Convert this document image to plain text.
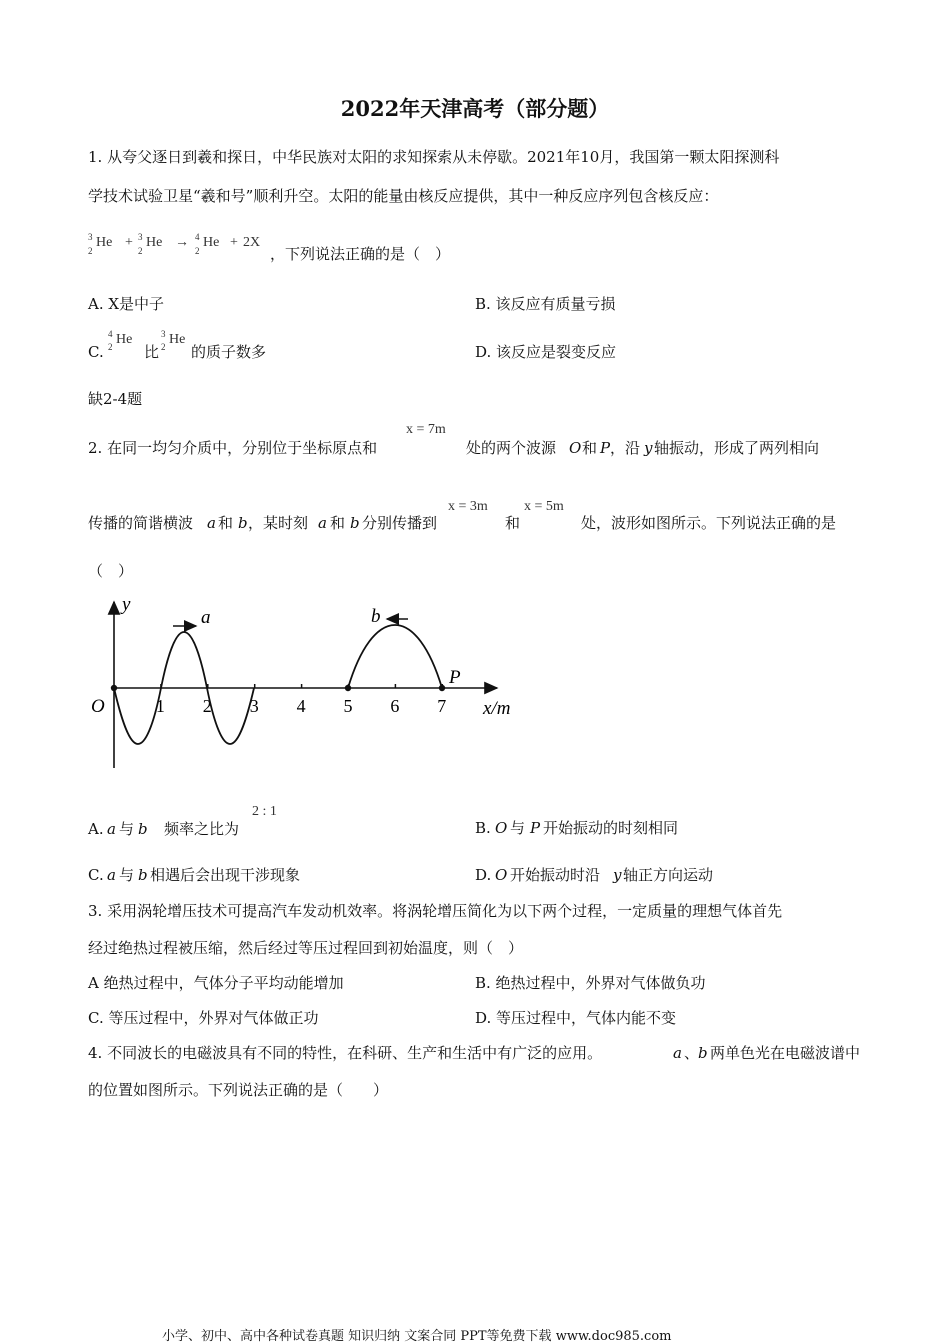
2022年天津高考（部分题）
1. 从夸父逐日到羲和探日，中华民族对太阳的求知探索从未停歇。2021年10月，我国第一颗太阳探测科
学技术试验卫星“羲和号”顺利升空。太阳的能量由核反应提供，其中一种反应序列包含核反应：
3
2
He + 3
2
He → 4
2
He + 2X
，下列说法正确的是（　）
A. X是中子	B. 该反应有质量亏损
C.
4
2 He
比
3
2 He
的质子数多	D. 该反应是裂变反应
缺2-4题
2. 在同一均匀介质中，分别位于坐标原点和
x = 7m
处的两个波源 O 和 P ，沿 y 轴振动，形成了两列相向
传播的简谐横波 a 和 b ，某时刻 a 和 b 分别传播到
x = 3m
和
x = 5m
处，波形如图所示。下列说法正确的是
（　）
1 2 3 4 5 6 7
y
x/m
O
a	b
P
A. a 与 b 频率之比为
2 : 1
B. O 与 P 开始振动的时刻相同
C. a 与 b 相遇后会出现干涉现象	D. O 开始振动时沿 y 轴正方向运动
3. 采用涡轮增压技术可提高汽车发动机效率。将涡轮增压简化为以下两个过程，一定质量的理想气体首先
经过绝热过程被压缩，然后经过等压过程回到初始温度，则（　）
A 绝热过程中，气体分子平均动能增加	B. 绝热过程中，外界对气体做负功
C. 等压过程中，外界对气体做正功	D. 等压过程中，气体内能不变
4. 不同波长的电磁波具有不同的特性，在科研、生产和生活中有广泛的应用。	a 、
b 两单色光在电磁波谱中
的位置如图所示。下列说法正确的是（　　）
小学、初中、高中各种试卷真题 知识归纳 文案合同 PPT等免费下载 www.doc985.com
